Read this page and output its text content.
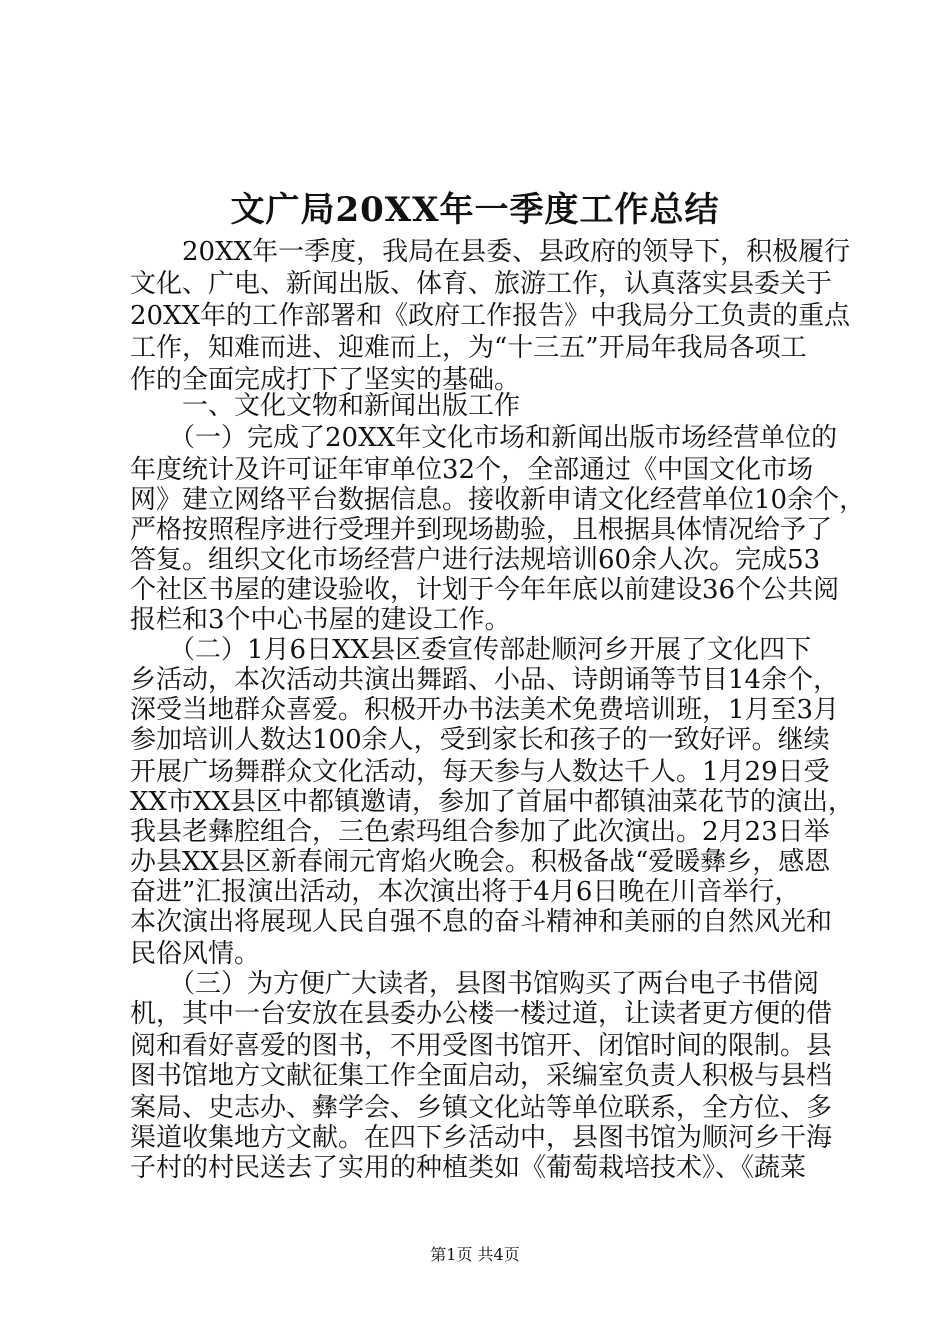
文广局20XX年一季度工作总结
　　20XX年一季度，我局在县委、县政府的领导下，积极履行
文化、广电、新闻出版、体育、旅游工作，认真落实县委关于
20XX年的工作部署和《政府工作报告》中我局分工负责的重点
工作，知难而进、迎难而上，为“十三五”开局年我局各项工
作的全面完成打下了坚实的基础。
　　一、文化文物和新闻出版工作
　　（一）完成了20XX年文化市场和新闻出版市场经营单位的
年度统计及许可证年审单位32个，全部通过《中国文化市场
网》建立网络平台数据信息。接收新申请文化经营单位10余个，
严格按照程序进行受理并到现场勘验，且根据具体情况给予了
答复。组织文化市场经营户进行法规培训60余人次。完成53
个社区书屋的建设验收，计划于今年年底以前建设36个公共阅
报栏和3个中心书屋的建设工作。
　　（二）1月6日XX县区委宣传部赴顺河乡开展了文化四下
乡活动，本次活动共演出舞蹈、小品、诗朗诵等节目14余个，
深受当地群众喜爱。积极开办书法美术免费培训班，1月至3月
参加培训人数达100余人，受到家长和孩子的一致好评。继续
开展广场舞群众文化活动，每天参与人数达千人。1月29日受
XX市XX县区中都镇邀请，参加了首届中都镇油菜花节的演出，
我县老彝腔组合，三色索玛组合参加了此次演出。2月23日举
办县XX县区新春闹元宵焰火晚会。积极备战“爱暖彝乡，感恩
奋进”汇报演出活动，本次演出将于4月6日晚在川音举行，
本次演出将展现人民自强不息的奋斗精神和美丽的自然风光和
民俗风情。
　　（三）为方便广大读者，县图书馆购买了两台电子书借阅
机，其中一台安放在县委办公楼一楼过道，让读者更方便的借
阅和看好喜爱的图书，不用受图书馆开、闭馆时间的限制。县
图书馆地方文献征集工作全面启动，采编室负责人积极与县档
案局、史志办、彝学会、乡镇文化站等单位联系，全方位、多
渠道收集地方文献。在四下乡活动中，县图书馆为顺河乡干海
子村的村民送去了实用的种植类如《葡萄栽培技术》、《蔬菜
第1页 共4页
